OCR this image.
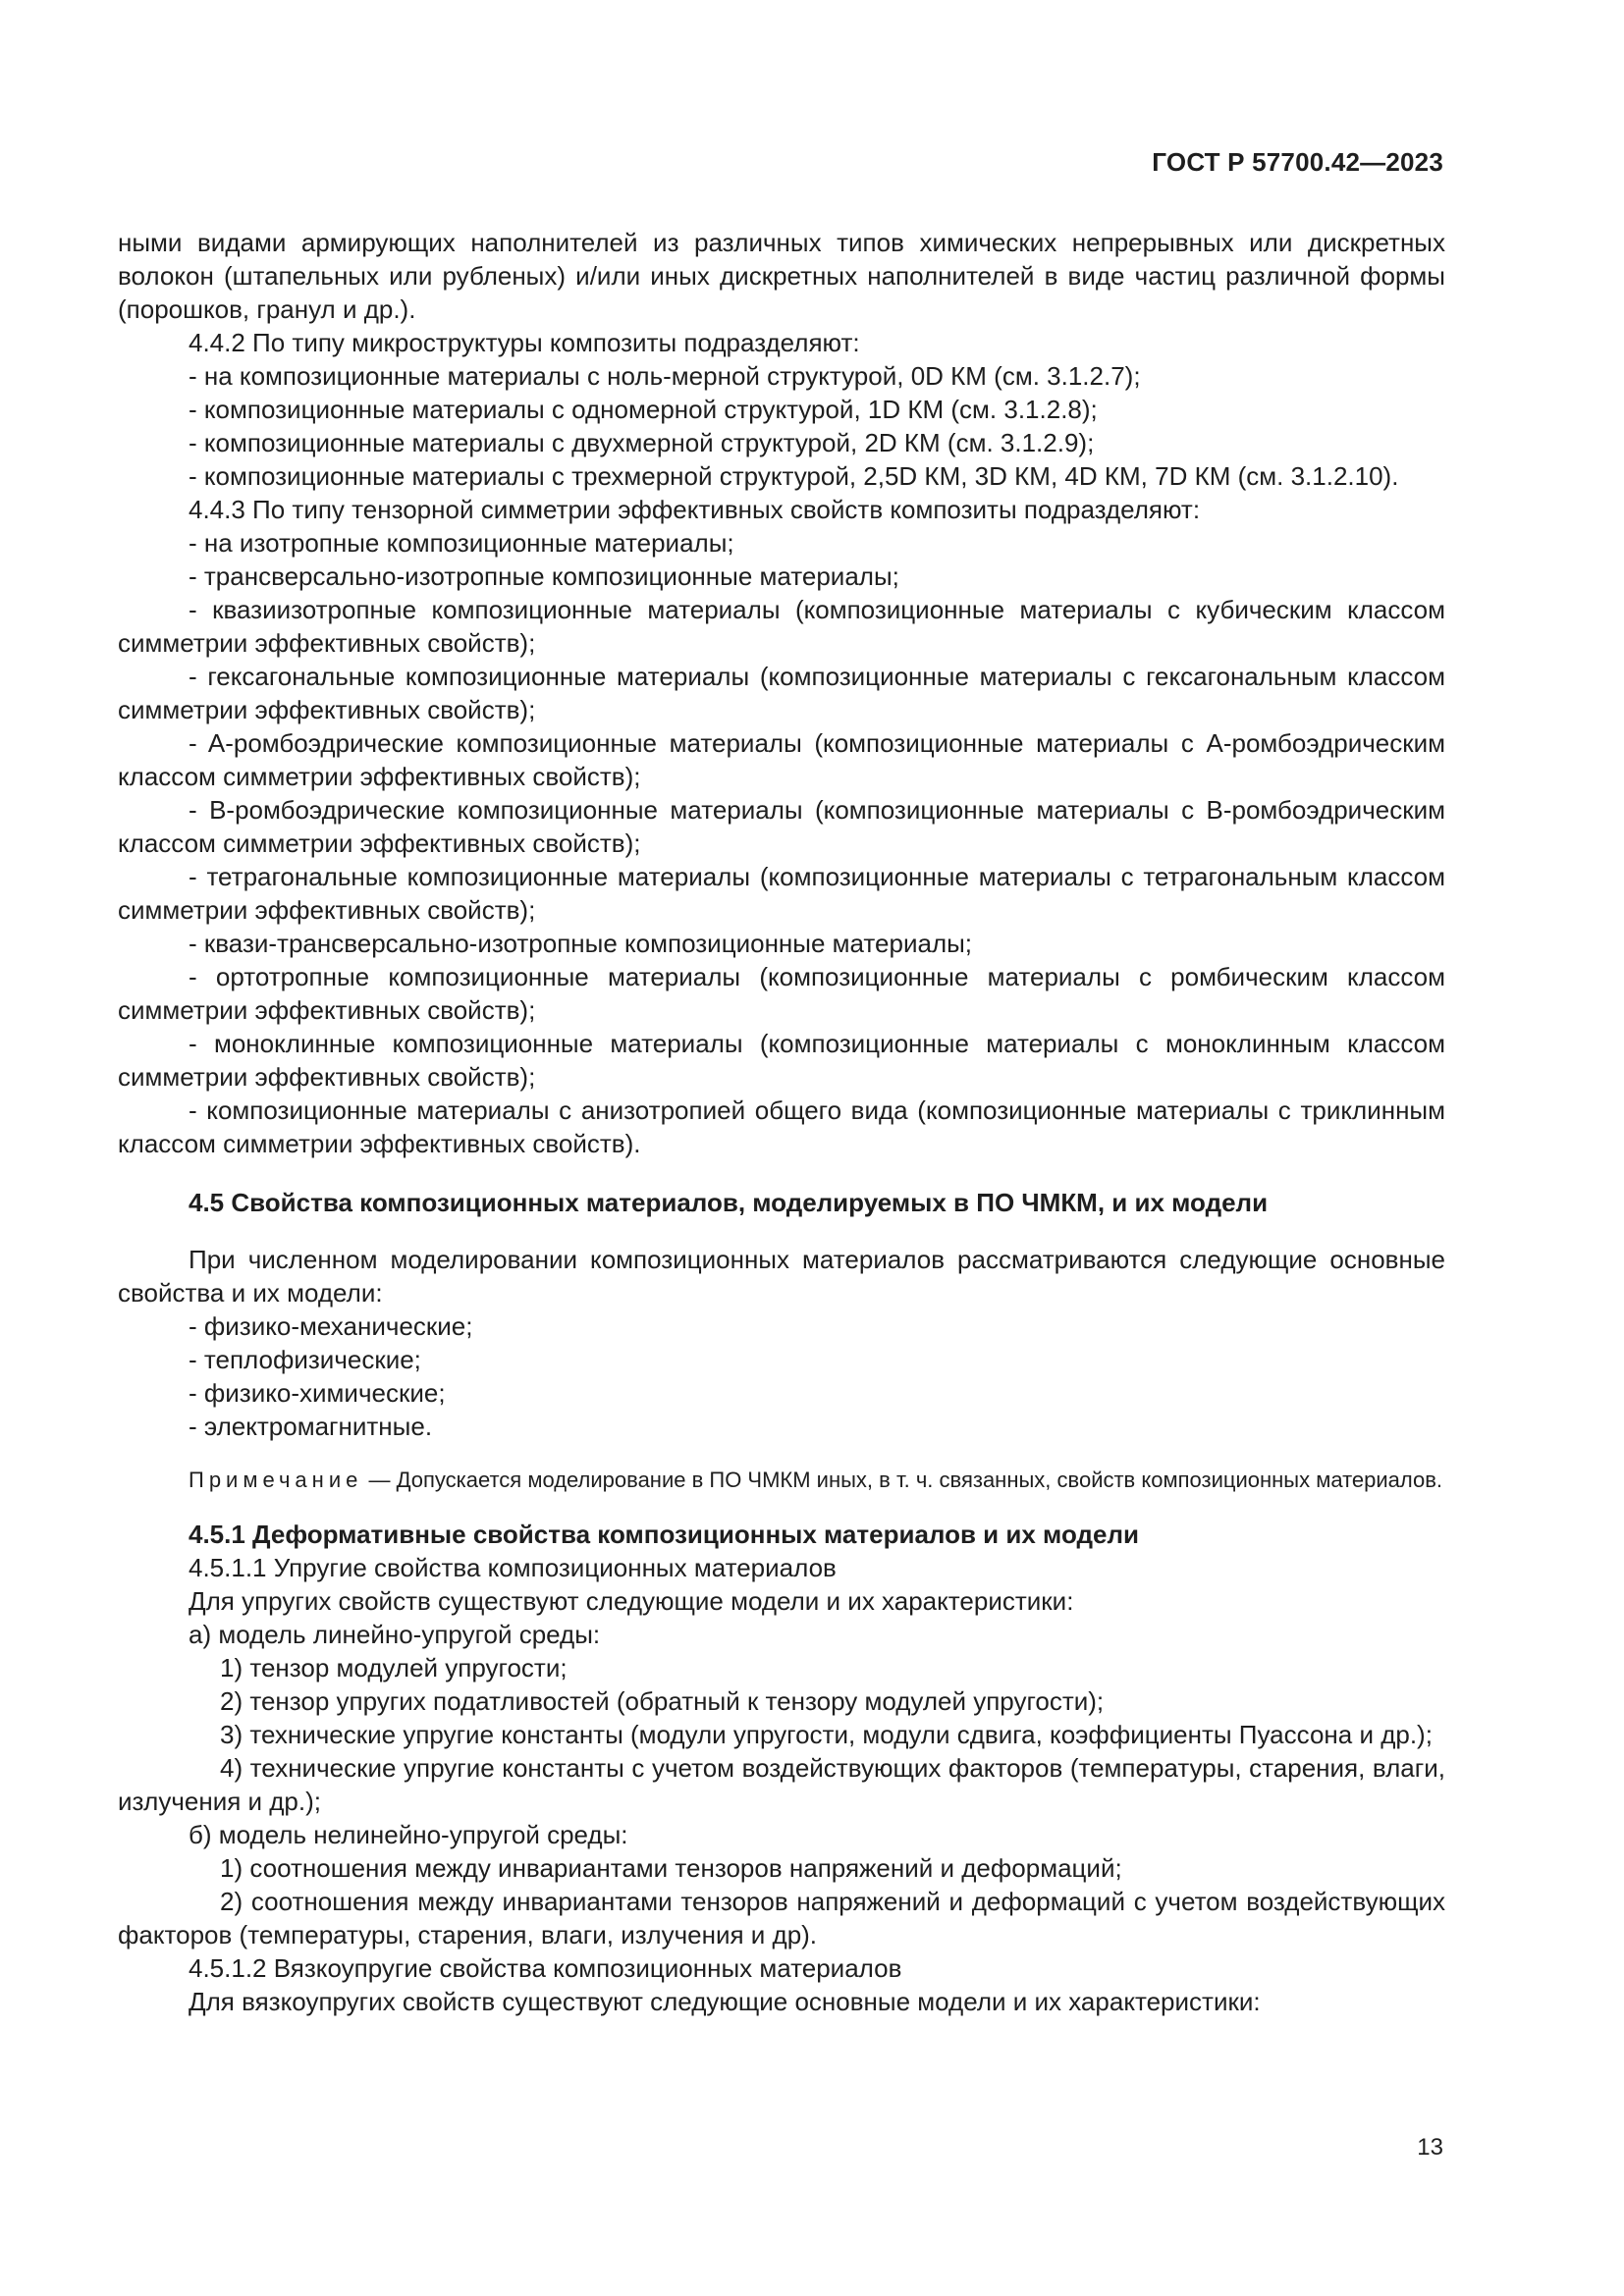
ГОСТ Р 57700.42—2023

ными видами армирующих наполнителей из различных типов химических непрерывных или дискретных волокон (штапельных или рубленых) и/или иных дискретных наполнителей в виде частиц различной формы (порошков, гранул и др.).

4.4.2 По типу микроструктуры композиты подразделяют:

- на композиционные материалы с ноль-мерной структурой, 0D КМ (см. 3.1.2.7);

- композиционные материалы с одномерной структурой, 1D КМ (см. 3.1.2.8);

- композиционные материалы с двухмерной структурой, 2D КМ (см. 3.1.2.9);

- композиционные материалы с трехмерной структурой, 2,5D КМ, 3D КМ, 4D КМ, 7D КМ (см. 3.1.2.10).

4.4.3 По типу тензорной симметрии эффективных свойств композиты подразделяют:

- на изотропные композиционные материалы;

- трансверсально-изотропные композиционные материалы;

- квазиизотропные композиционные материалы (композиционные материалы с кубическим классом симметрии эффективных свойств);

- гексагональные композиционные материалы (композиционные материалы с гексагональным классом симметрии эффективных свойств);

- A-ромбоэдрические композиционные материалы (композиционные материалы с A-ромбоэдрическим классом симметрии эффективных свойств);

- B-ромбоэдрические композиционные материалы (композиционные материалы с B-ромбоэдрическим классом симметрии эффективных свойств);

- тетрагональные композиционные материалы (композиционные материалы с тетрагональным классом симметрии эффективных свойств);

- квази-трансверсально-изотропные композиционные материалы;

- ортотропные композиционные материалы (композиционные материалы с ромбическим классом симметрии эффективных свойств);

- моноклинные композиционные материалы (композиционные материалы с моноклинным классом симметрии эффективных свойств);

- композиционные материалы с анизотропией общего вида (композиционные материалы с триклинным классом симметрии эффективных свойств).

4.5 Свойства композиционных материалов, моделируемых в ПО ЧМКМ, и их модели

При численном моделировании композиционных материалов рассматриваются следующие основные свойства и их модели:

- физико-механические;

- теплофизические;

- физико-химические;

- электромагнитные.

Примечание — Допускается моделирование в ПО ЧМКМ иных, в т. ч. связанных, свойств композиционных материалов.

4.5.1 Деформативные свойства композиционных материалов и их модели

4.5.1.1 Упругие свойства композиционных материалов

Для упругих свойств существуют следующие модели и их характеристики:

а) модель линейно-упругой среды:

1) тензор модулей упругости;

2) тензор упругих податливостей (обратный к тензору модулей упругости);

3) технические упругие константы (модули упругости, модули сдвига, коэффициенты Пуассона и др.);

4) технические упругие константы с учетом воздействующих факторов (температуры, старения, влаги, излучения и др.);

б) модель нелинейно-упругой среды:

1) соотношения между инвариантами тензоров напряжений и деформаций;

2) соотношения между инвариантами тензоров напряжений и деформаций с учетом воздействующих факторов (температуры, старения, влаги, излучения и др).

4.5.1.2 Вязкоупругие свойства композиционных материалов

Для вязкоупругих свойств существуют следующие основные модели и их характеристики:

13
